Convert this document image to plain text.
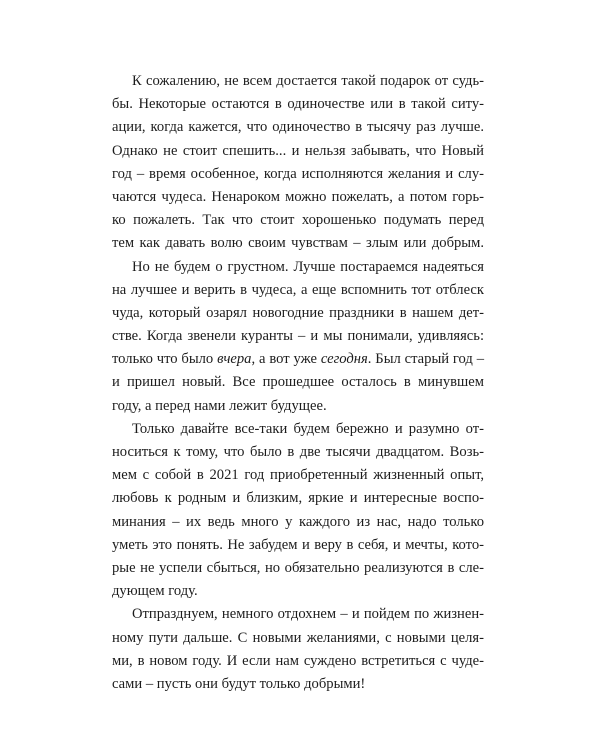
К сожалению, не всем достается такой подарок от судь-
бы. Некоторые остаются в одиночестве или в такой ситу-
ации, когда кажется, что одиночество в тысячу раз лучше.
Однако не стоит спешить... и нельзя забывать, что Новый
год – время особенное, когда исполняются желания и слу-
чаются чудеса. Ненароком можно пожелать, а потом горь-
ко пожалеть. Так что стоит хорошенько подумать перед
тем как давать волю своим чувствам – злым или добрым.
Но не будем о грустном. Лучше постараемся надеяться
на лучшее и верить в чудеса, а еще вспомнить тот отблеск
чуда, который озарял новогодние праздники в нашем дет-
стве. Когда звенели куранты – и мы понимали, удивляясь:
только что было вчера, а вот уже сегодня. Был старый год –
и пришел новый. Все прошедшее осталось в минувшем
году, а перед нами лежит будущее.
Только давайте все-таки будем бережно и разумно от-
носиться к тому, что было в две тысячи двадцатом. Возь-
мем с собой в 2021 год приобретенный жизненный опыт,
любовь к родным и близким, яркие и интересные воспо-
минания – их ведь много у каждого из нас, надо только
уметь это понять. Не забудем и веру в себя, и мечты, кото-
рые не успели сбыться, но обязательно реализуются в сле-
дующем году.
Отпразднуем, немного отдохнем – и пойдем по жизнен-
ному пути дальше. С новыми желаниями, с новыми целя-
ми, в новом году. И если нам суждено встретиться с чуде-
сами – пусть они будут только добрыми!
